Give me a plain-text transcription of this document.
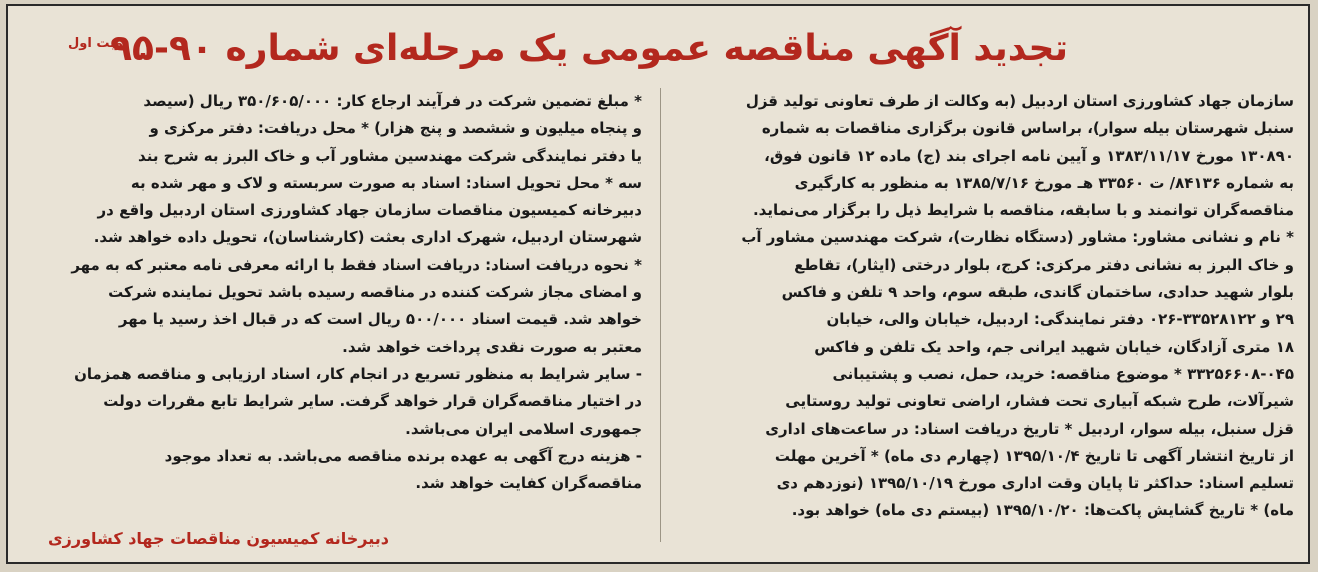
نوبت اول
تجدید آگهی مناقصه عمومی یک مرحله‌ای شماره ۹۰-۹۵
سازمان جهاد کشاورزی استان اردبیل (به وکالت از طرف تعاونی تولید قزل
سنبل شهرستان بیله سوار)، براساس قانون برگزاری مناقصات به شماره
۱۳۰۸۹۰ مورخ ۱۳۸۳/۱۱/۱۷ و آیین نامه اجرای بند (ج) ماده ۱۲ قانون فوق،
به شماره ۸۴۱۳۶/ ت ۳۳۵۶۰ هـ مورخ ۱۳۸۵/۷/۱۶ به منظور به کارگیری
مناقصه‌گران توانمند و با سابقه، مناقصه با شرایط ذیل را برگزار می‌نماید.
* نام و نشانی مشاور: مشاور (دستگاه نظارت)، شرکت مهندسین مشاور آب
و خاک البرز به نشانی دفتر مرکزی: کرج، بلوار درختی (ایثار)، تقاطع
بلوار شهید حدادی، ساختمان گاندی، طبقه سوم، واحد ۹ تلفن و فاکس
۲۹ و ۳۳۵۲۸۱۲۲-۰۲۶ دفتر نمایندگی: اردبیل، خیابان والی، خیابان
۱۸ متری آزادگان، خیابان شهید ایرانی جم، واحد یک تلفن و فاکس
۳۳۲۵۶۶۰۸-۰۴۵ * موضوع مناقصه: خرید، حمل، نصب و پشتیبانی
شیرآلات، طرح شبکه آبیاری تحت فشار، اراضی تعاونی تولید روستایی
قزل سنبل، بیله سوار، اردبیل * تاریخ دریافت اسناد: در ساعت‌های اداری
از تاریخ انتشار آگهی تا تاریخ ۱۳۹۵/۱۰/۴ (چهارم دی ماه) * آخرین مهلت
تسلیم اسناد: حداکثر تا پایان وقت اداری مورخ ۱۳۹۵/۱۰/۱۹ (نوزدهم دی
ماه) * تاریخ گشایش پاکت‌ها: ۱۳۹۵/۱۰/۲۰ (بیستم دی ماه) خواهد بود.
* مبلغ تضمین شرکت در فرآیند ارجاع کار: ۳۵۰/۶۰۵/۰۰۰ ریال (سیصد
و پنجاه میلیون و ششصد و پنج هزار) * محل دریافت: دفتر مرکزی و
یا دفتر نمایندگی شرکت مهندسین مشاور آب و خاک البرز به شرح بند
سه * محل تحویل اسناد: اسناد به صورت سربسته و لاک و مهر شده به
دبیرخانه کمیسیون مناقصات سازمان جهاد کشاورزی استان اردبیل واقع در
شهرستان اردبیل، شهرک اداری بعثت (کارشناسان)، تحویل داده خواهد شد.
* نحوه دریافت اسناد: دریافت اسناد فقط با ارائه معرفی نامه معتبر که به مهر
و امضای مجاز شرکت کننده در مناقصه رسیده باشد تحویل نماینده شرکت
خواهد شد. قیمت اسناد ۵۰۰/۰۰۰ ریال است که در قبال اخذ رسید یا مهر
معتبر به صورت نقدی پرداخت خواهد شد.
- سایر شرایط به منظور تسریع در انجام کار، اسناد ارزیابی و مناقصه همزمان
در اختیار مناقصه‌گران قرار خواهد گرفت. سایر شرایط تابع مقررات دولت
جمهوری اسلامی ایران می‌باشد.
- هزینه درج آگهی به عهده برنده مناقصه می‌باشد. به تعداد موجود
مناقصه‌گران کفایت خواهد شد.
دبیرخانه کمیسیون مناقصات جهاد کشاورزی
